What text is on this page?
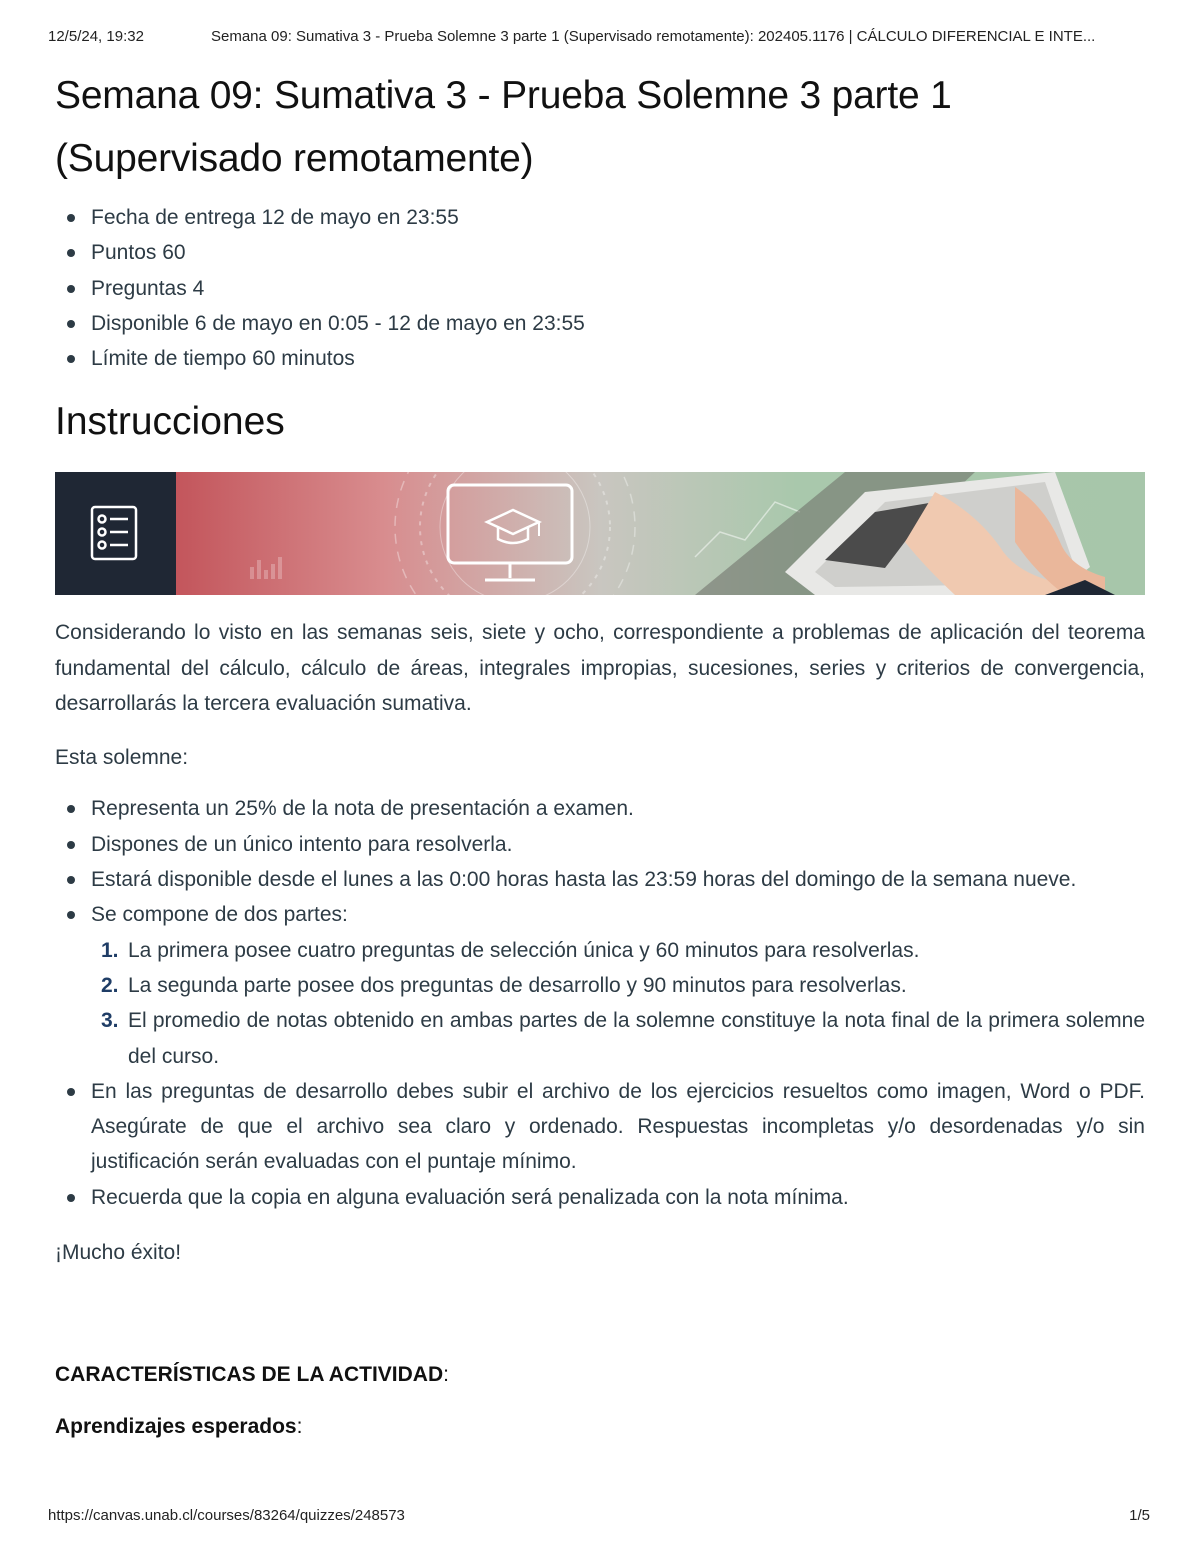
12/5/24, 19:32	Semana 09: Sumativa 3 - Prueba Solemne 3 parte 1 (Supervisado remotamente): 202405.1176 | CÁLCULO DIFERENCIAL E INTE...
Semana 09: Sumativa 3 - Prueba Solemne 3 parte 1
(Supervisado remotamente)
Fecha de entrega 12 de mayo en 23:55
Puntos 60
Preguntas 4
Disponible 6 de mayo en 0:05 - 12 de mayo en 23:55
Límite de tiempo 60 minutos
Instrucciones

Considerando lo visto en las semanas seis, siete y ocho, correspondiente a problemas de aplicación del teorema fundamental del cálculo, cálculo de áreas, integrales impropias, sucesiones, series y criterios de convergencia, desarrollarás la tercera evaluación sumativa.

Esta solemne:

Representa un 25% de la nota de presentación a examen.
Dispones de un único intento para resolverla.
Estará disponible desde el lunes a las 0:00 horas hasta las 23:59 horas del domingo de la semana nueve.
Se compone de dos partes:
1. La primera posee cuatro preguntas de selección única y 60 minutos para resolverlas.
2. La segunda parte posee dos preguntas de desarrollo y 90 minutos para resolverlas.
3. El promedio de notas obtenido en ambas partes de la solemne constituye la nota final de la primera solemne del curso.
En las preguntas de desarrollo debes subir el archivo de los ejercicios resueltos como imagen, Word o PDF. Asegúrate de que el archivo sea claro y ordenado. Respuestas incompletas y/o desordenadas y/o sin justificación serán evaluadas con el puntaje mínimo.
Recuerda que la copia en alguna evaluación será penalizada con la nota mínima.

¡Mucho éxito!

CARACTERÍSTICAS DE LA ACTIVIDAD:

Aprendizajes esperados:

https://canvas.unab.cl/courses/83264/quizzes/248573	1/5
